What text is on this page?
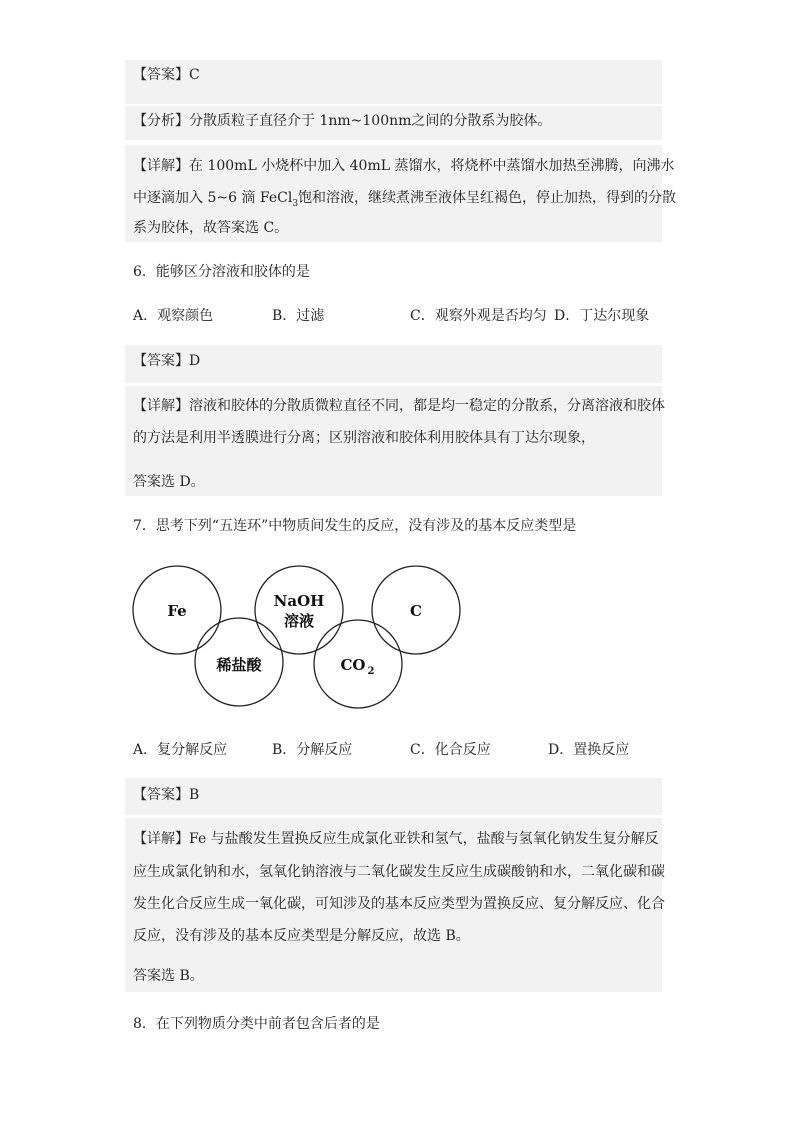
【答案】C
【分析】分散质粒子直径介于 1nm~100nm之间的分散系为胶体。
【详解】在 100mL 小烧杯中加入 40mL 蒸馏水，将烧杯中蒸馏水加热至沸腾，向沸水
中逐滴加入 5~6 滴 FeCl$_3$饱和溶液，继续煮沸至液体呈红褐色，停止加热，得到的分散
系为胶体，故答案选 C。
6．能够区分溶液和胶体的是
A．观察颜色	B．过滤	C．观察外观是否均匀 D．丁达尔现象
【答案】D
【详解】溶液和胶体的分散质微粒直径不同，都是均一稳定的分散系，分离溶液和胶体
的方法是利用半透膜进行分离；区别溶液和胶体利用胶体具有丁达尔现象，
答案选 D。
7．思考下列“五连环”中物质间发生的反应，没有涉及的基本反应类型是
Fe
稀盐酸
NaOH
溶液
CO 2
C
A．复分解反应	B．分解反应	C．化合反应	D．置换反应
【答案】B
【详解】Fe 与盐酸发生置换反应生成氯化亚铁和氢气，盐酸与氢氧化钠发生复分解反
应生成氯化钠和水，氢氧化钠溶液与二氧化碳发生反应生成碳酸钠和水，二氧化碳和碳
发生化合反应生成一氧化碳，可知涉及的基本反应类型为置换反应、复分解反应、化合
反应，没有涉及的基本反应类型是分解反应，故选 B。
答案选 B。
8．在下列物质分类中前者包含后者的是
